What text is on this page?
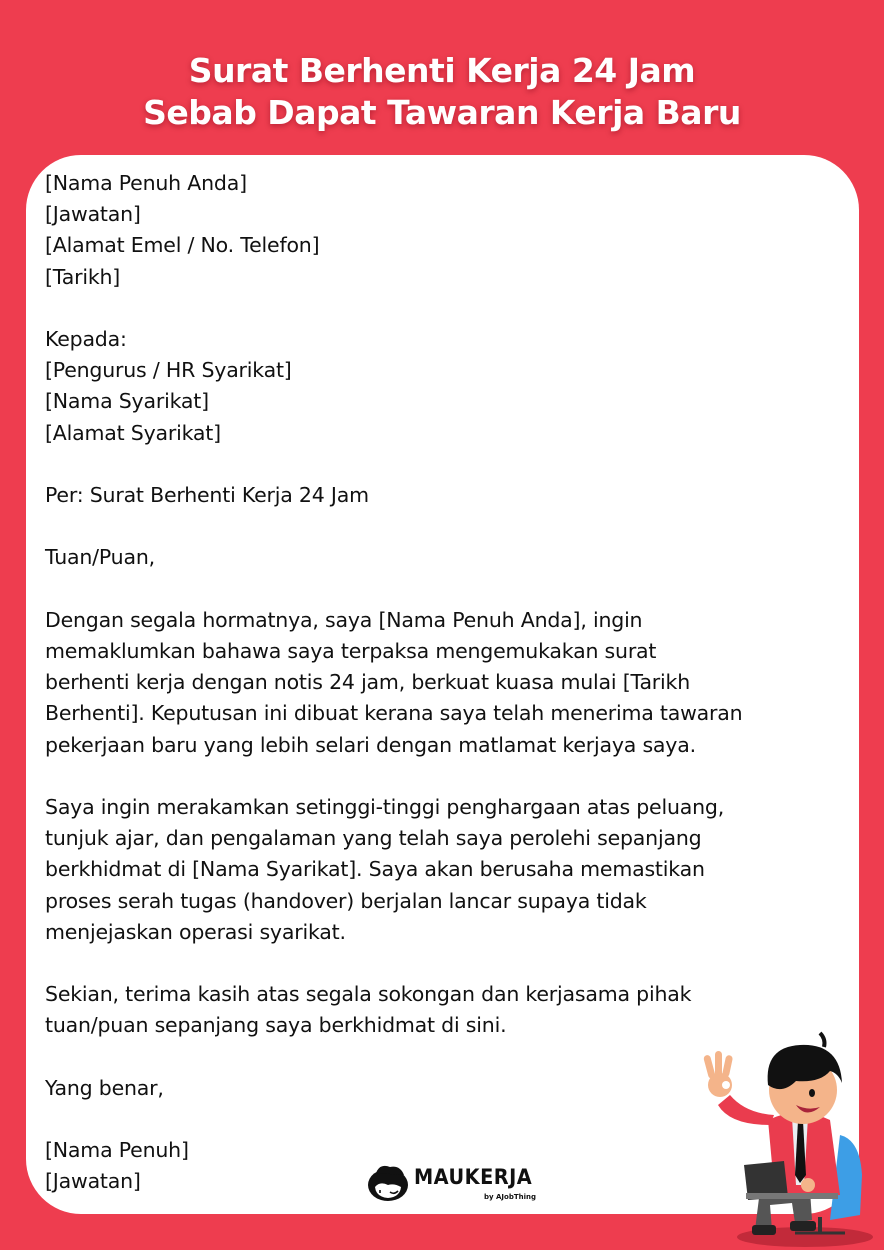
Surat Berhenti Kerja 24 Jam
Sebab Dapat Tawaran Kerja Baru
[Nama Penuh Anda]
[Jawatan]
[Alamat Emel / No. Telefon]
[Tarikh]
Kepada:
[Pengurus / HR Syarikat]
[Nama Syarikat]
[Alamat Syarikat]
Per: Surat Berhenti Kerja 24 Jam
Tuan/Puan,
Dengan segala hormatnya, saya [Nama Penuh Anda], ingin
memaklumkan bahawa saya terpaksa mengemukakan surat
berhenti kerja dengan notis 24 jam, berkuat kuasa mulai [Tarikh
Berhenti]. Keputusan ini dibuat kerana saya telah menerima tawaran
pekerjaan baru yang lebih selari dengan matlamat kerjaya saya.
Saya ingin merakamkan setinggi-tinggi penghargaan atas peluang,
tunjuk ajar, dan pengalaman yang telah saya perolehi sepanjang
berkhidmat di [Nama Syarikat]. Saya akan berusaha memastikan
proses serah tugas (handover) berjalan lancar supaya tidak
menjejaskan operasi syarikat.
Sekian, terima kasih atas segala sokongan dan kerjasama pihak
tuan/puan sepanjang saya berkhidmat di sini.
Yang benar,
[Nama Penuh]
[Jawatan]	MAUKERJA
by AJobThing
